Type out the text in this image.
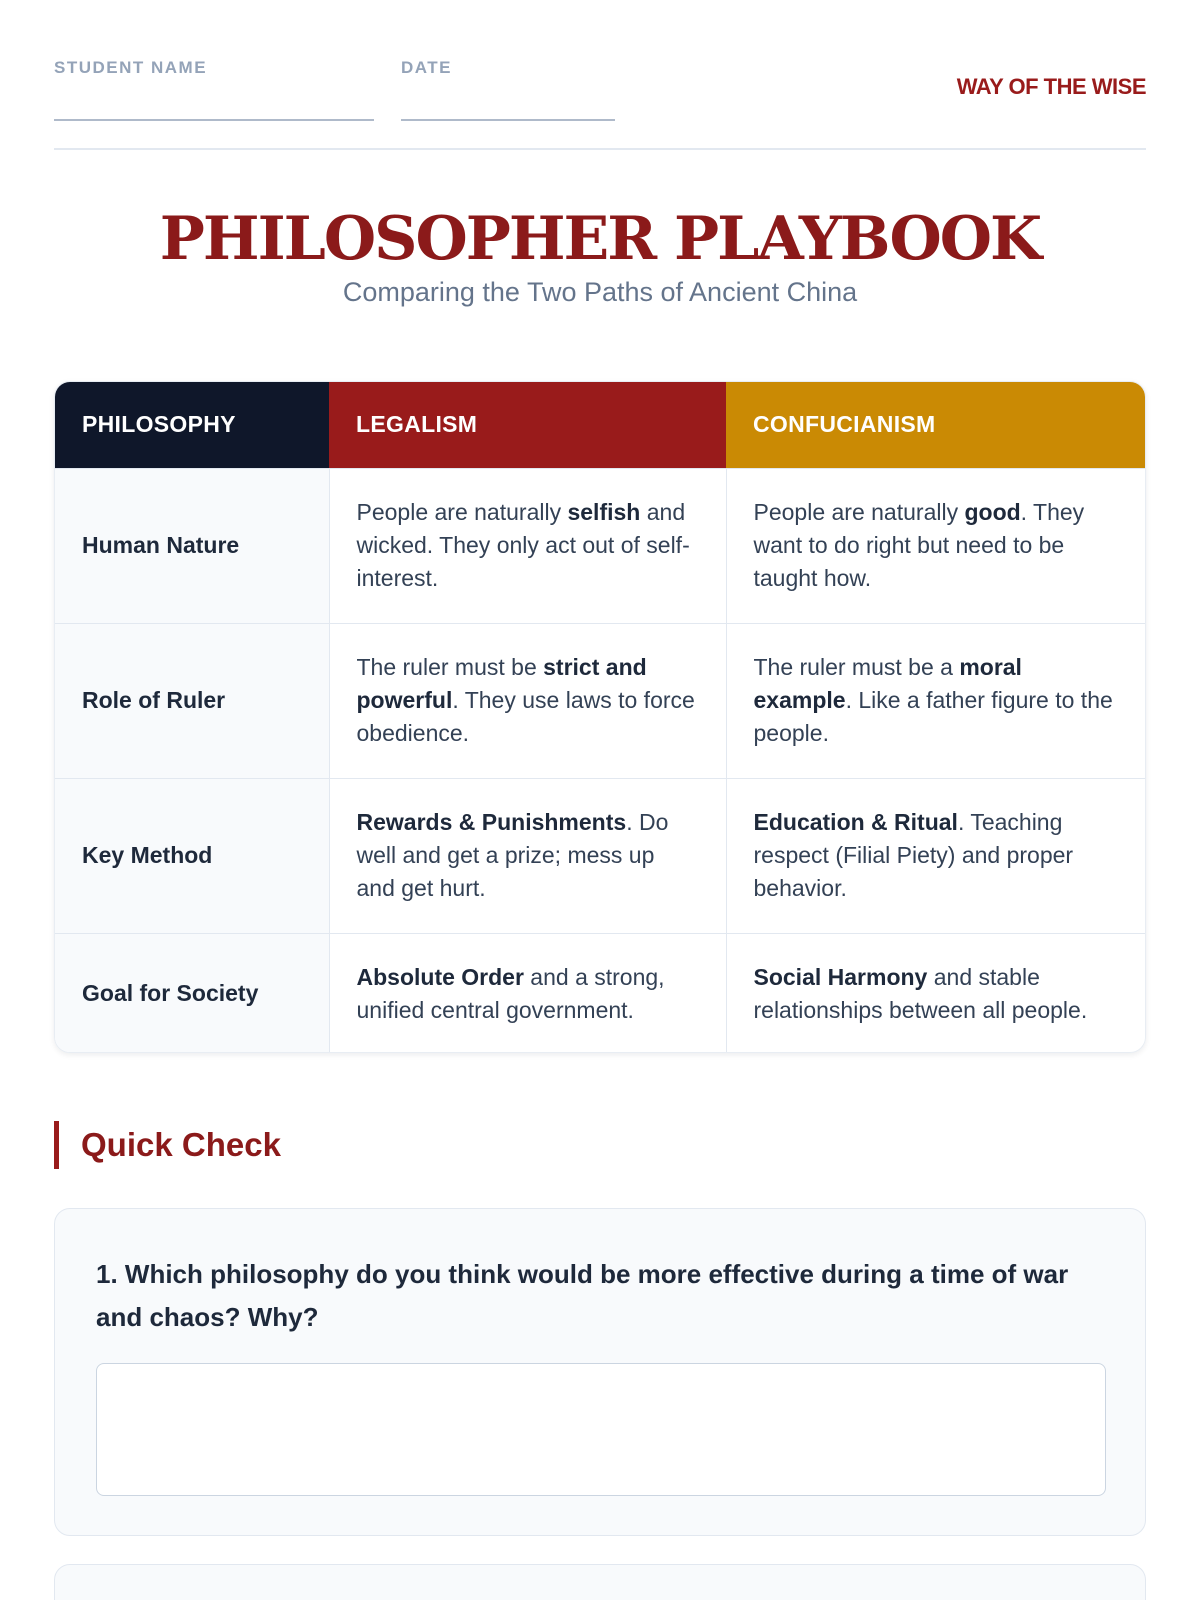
STUDENT NAME	DATE
WAY OF THE WISE
PHILOSOPHER PLAYBOOK
Comparing the Two Paths of Ancient China
PHILOSOPHY	LEGALISM	CONFUCIANISM
Human Nature	People are naturally selfish and wicked. They only act out of self-interest.	People are naturally good. They want to do right but need to be taught how.
Role of Ruler	The ruler must be strict and powerful. They use laws to force obedience.	The ruler must be a moral example. Like a father figure to the people.
Key Method	Rewards & Punishments. Do well and get a prize; mess up and get hurt.	Education & Ritual. Teaching respect (Filial Piety) and proper behavior.
Goal for Society	Absolute Order and a strong, unified central government.	Social Harmony and stable relationships between all people.
Quick Check
1. Which philosophy do you think would be more effective during a time of war and chaos? Why?
